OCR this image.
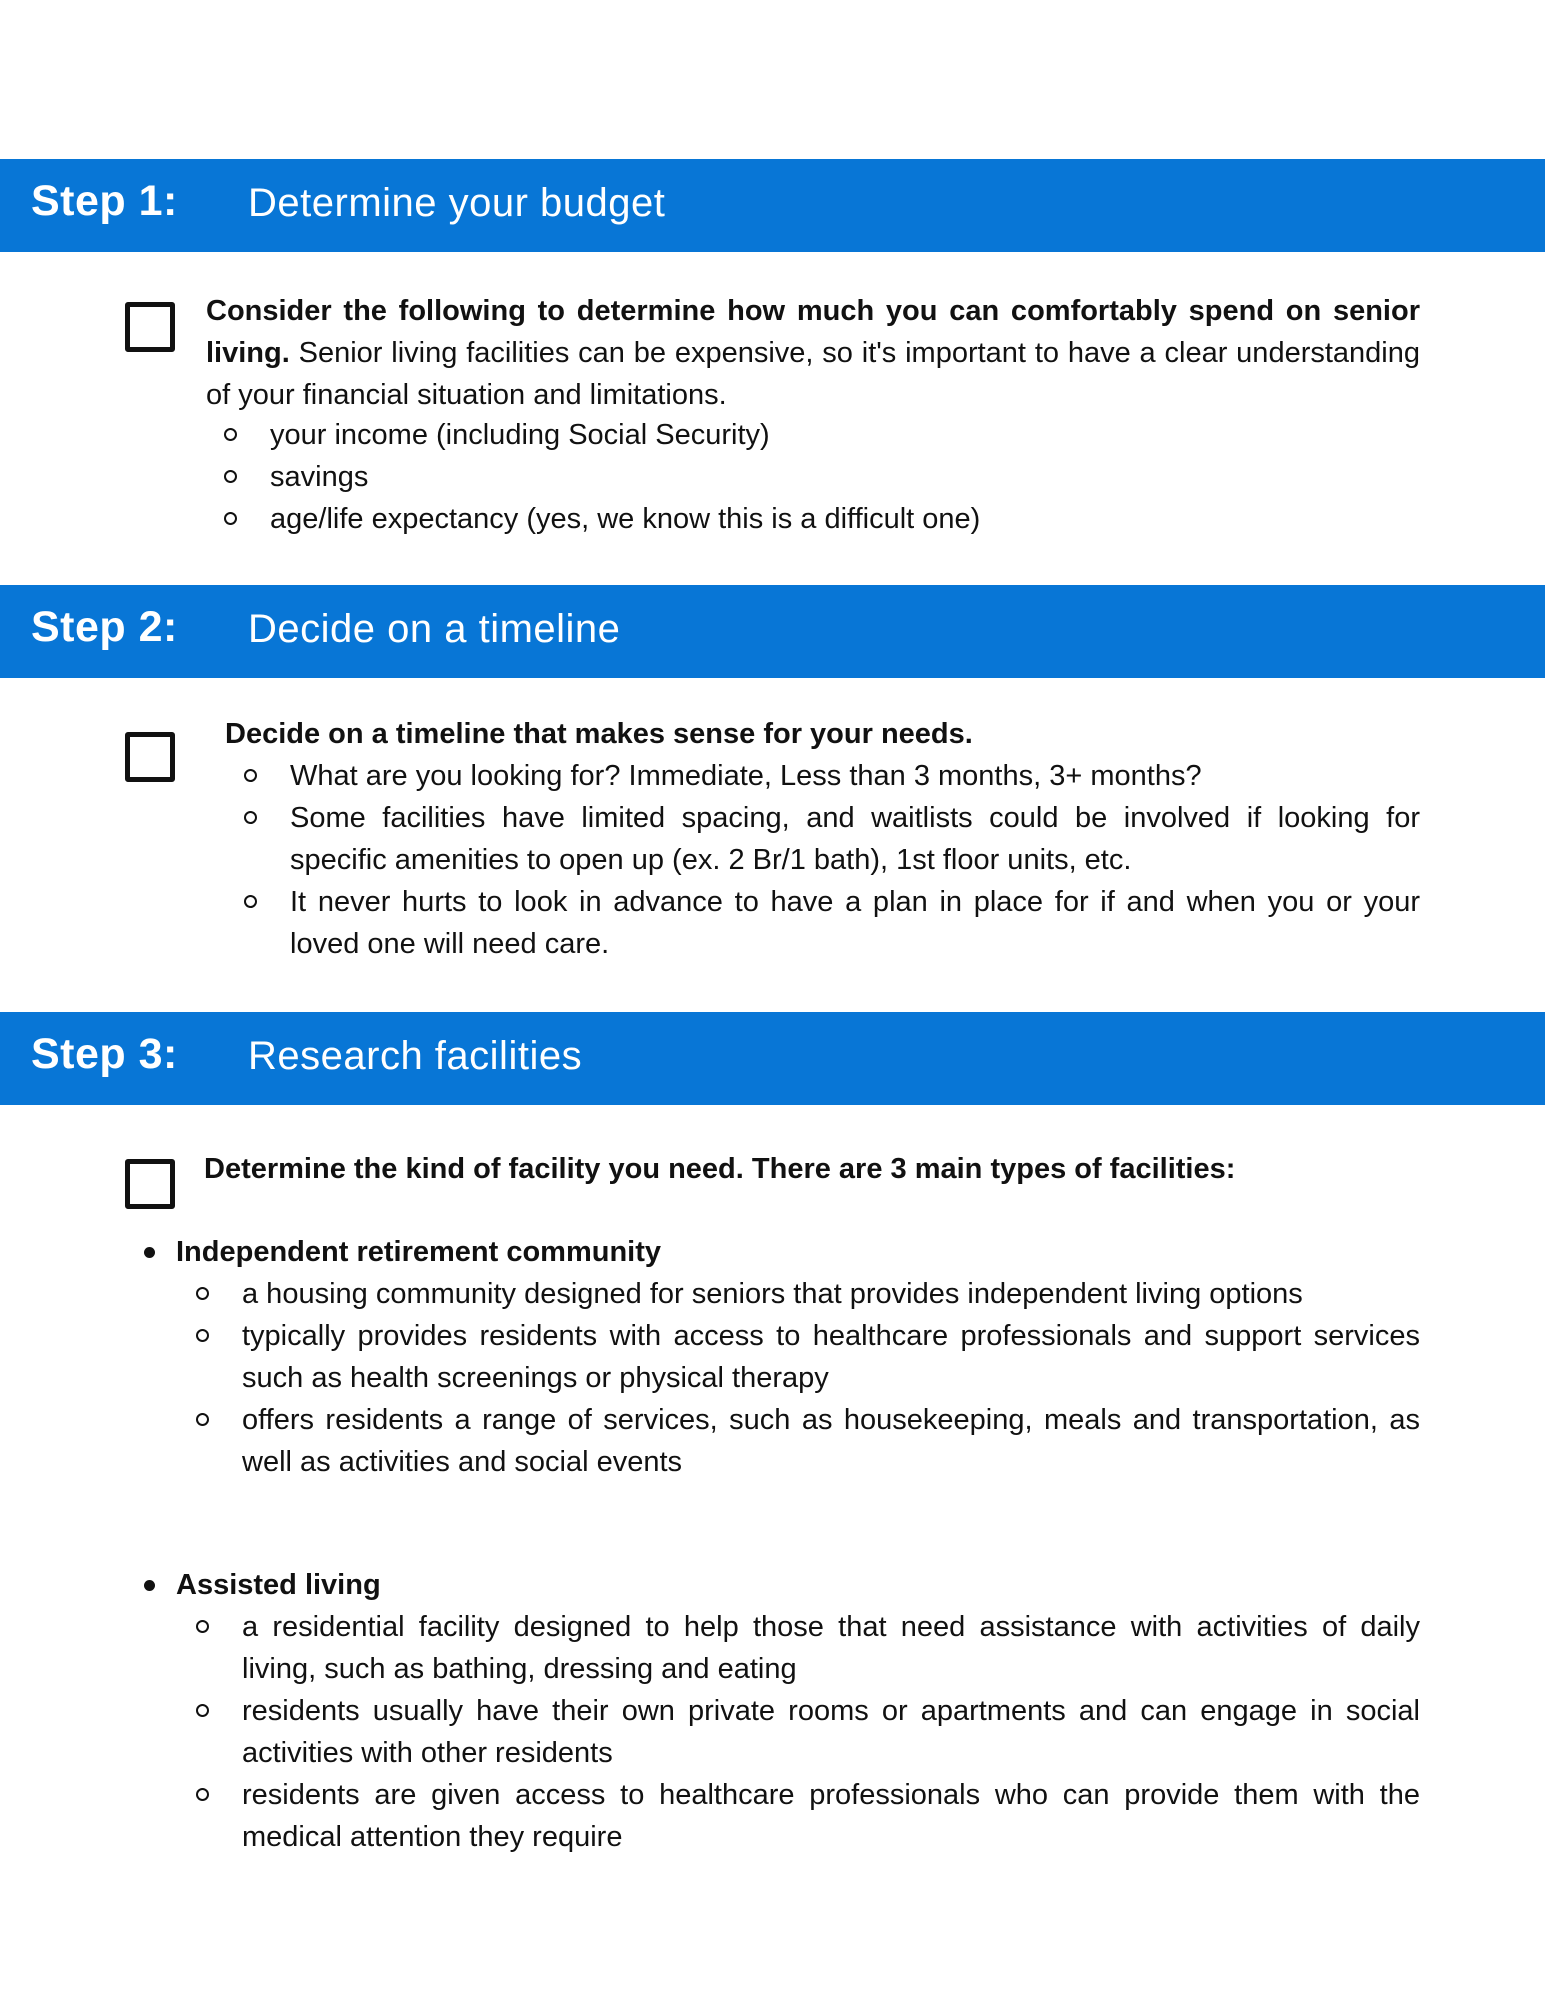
Step 1: Determine your budget
Consider the following to determine how much you can comfortably spend on senior living. Senior living facilities can be expensive, so it's important to have a clear understanding of your financial situation and limitations.
your income (including Social Security)
savings
age/life expectancy (yes, we know this is a difficult one)
Step 2: Decide on a timeline
Decide on a timeline that makes sense for your needs.
What are you looking for? Immediate, Less than 3 months, 3+ months?
Some facilities have limited spacing, and waitlists could be involved if looking for specific amenities to open up (ex. 2 Br/1 bath), 1st floor units, etc.
It never hurts to look in advance to have a plan in place for if and when you or your loved one will need care.
Step 3: Research facilities
Determine the kind of facility you need. There are 3 main types of facilities:
Independent retirement community
a housing community designed for seniors that provides independent living options
typically provides residents with access to healthcare professionals and support services such as health screenings or physical therapy
offers residents a range of services, such as housekeeping, meals and transportation, as well as activities and social events
Assisted living
a residential facility designed to help those that need assistance with activities of daily living, such as bathing, dressing and eating
residents usually have their own private rooms or apartments and can engage in social activities with other residents
residents are given access to healthcare professionals who can provide them with the medical attention they require
